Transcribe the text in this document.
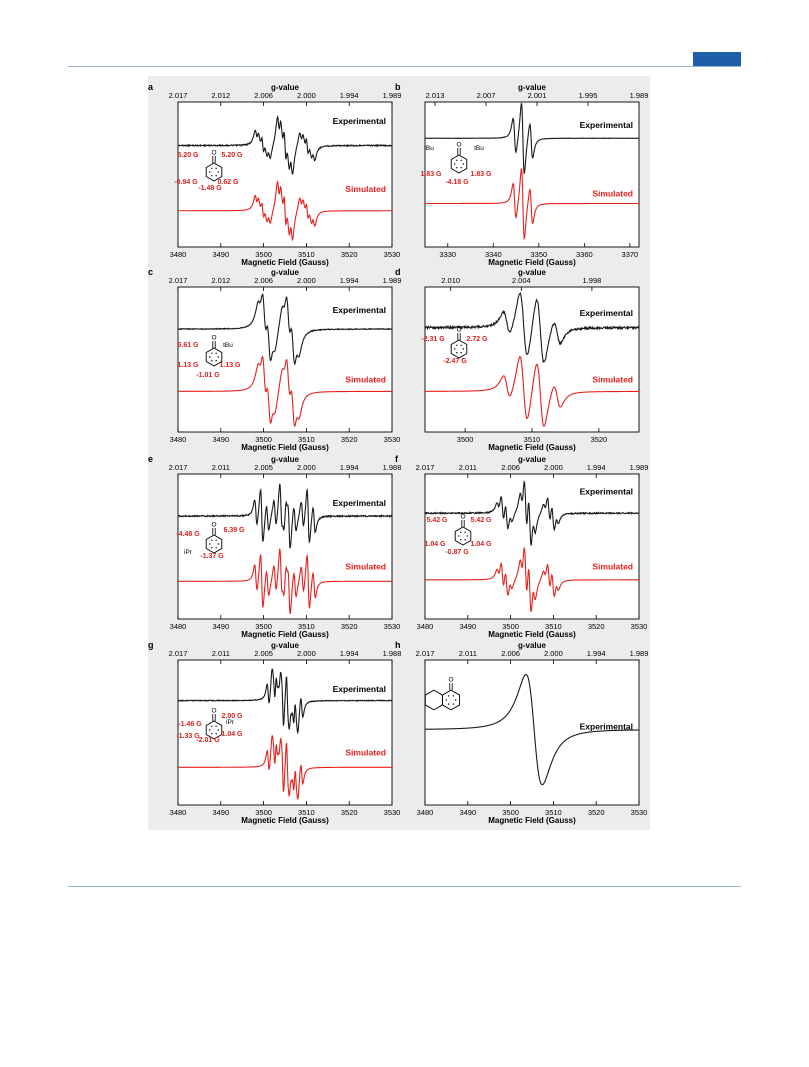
a
3480	3490	3500	3510	3520	3530
Magnetic Field (Gauss)
2.017	2.012	2.006	2.000	1.994	1.989
g-value
Experimental
Simulated
O
5.20 G	5.20 G
0.62 G
-0.94 G
-1.48 G
b
3330	3340	3350	3360	3370
Magnetic Field (Gauss)
2.013	2.007	2.001	1.995	1.989
g-value
Experimental
Simulated
O
1.83 G	1.83 G
-4.18 G
tBu	tBu
c
3480	3490	3500	3510	3520	3530
Magnetic Field (Gauss)
2.017	2.012	2.006	2.000	1.994	1.989
g-value
Experimental
Simulated
O
5.61 G
1.13 G	1.13 G
-1.01 G
tBu
d
3500	3510	3520
Magnetic Field (Gauss)
2.010	2.004	1.998
g-value
Experimental
Simulated
O
-2.31 G	2.72 G
-2.47 G
e
3480	3490	3500	3510	3520	3530
Magnetic Field (Gauss)
2.017	2.011	2.005	2.000	1.994	1.988
g-value
Experimental
Simulated
O
-4.48 G
6.39 G
-1.37 G
iPr
f
3480	3490	3500	3510	3520	3530
Magnetic Field (Gauss)
2.017	2.011	2.006	2.000	1.994	1.989
g-value
Experimental
Simulated
O
5.42 G	5.42 G
1.04 G	1.04 G
-0.87 G
g
3480	3490	3500	3510	3520	3530
Magnetic Field (Gauss)
2.017	2.011	2.005	2.000	1.994	1.988
g-value
Experimental
Simulated
O
-1.46 G
2.00 G
-1.33 G
-2.01 G
1.04 G
iPr
h
3480	3490	3500	3510	3520	3530
Magnetic Field (Gauss)
2.017	2.011	2.006	2.000	1.994	1.989
g-value
Experimental
O
